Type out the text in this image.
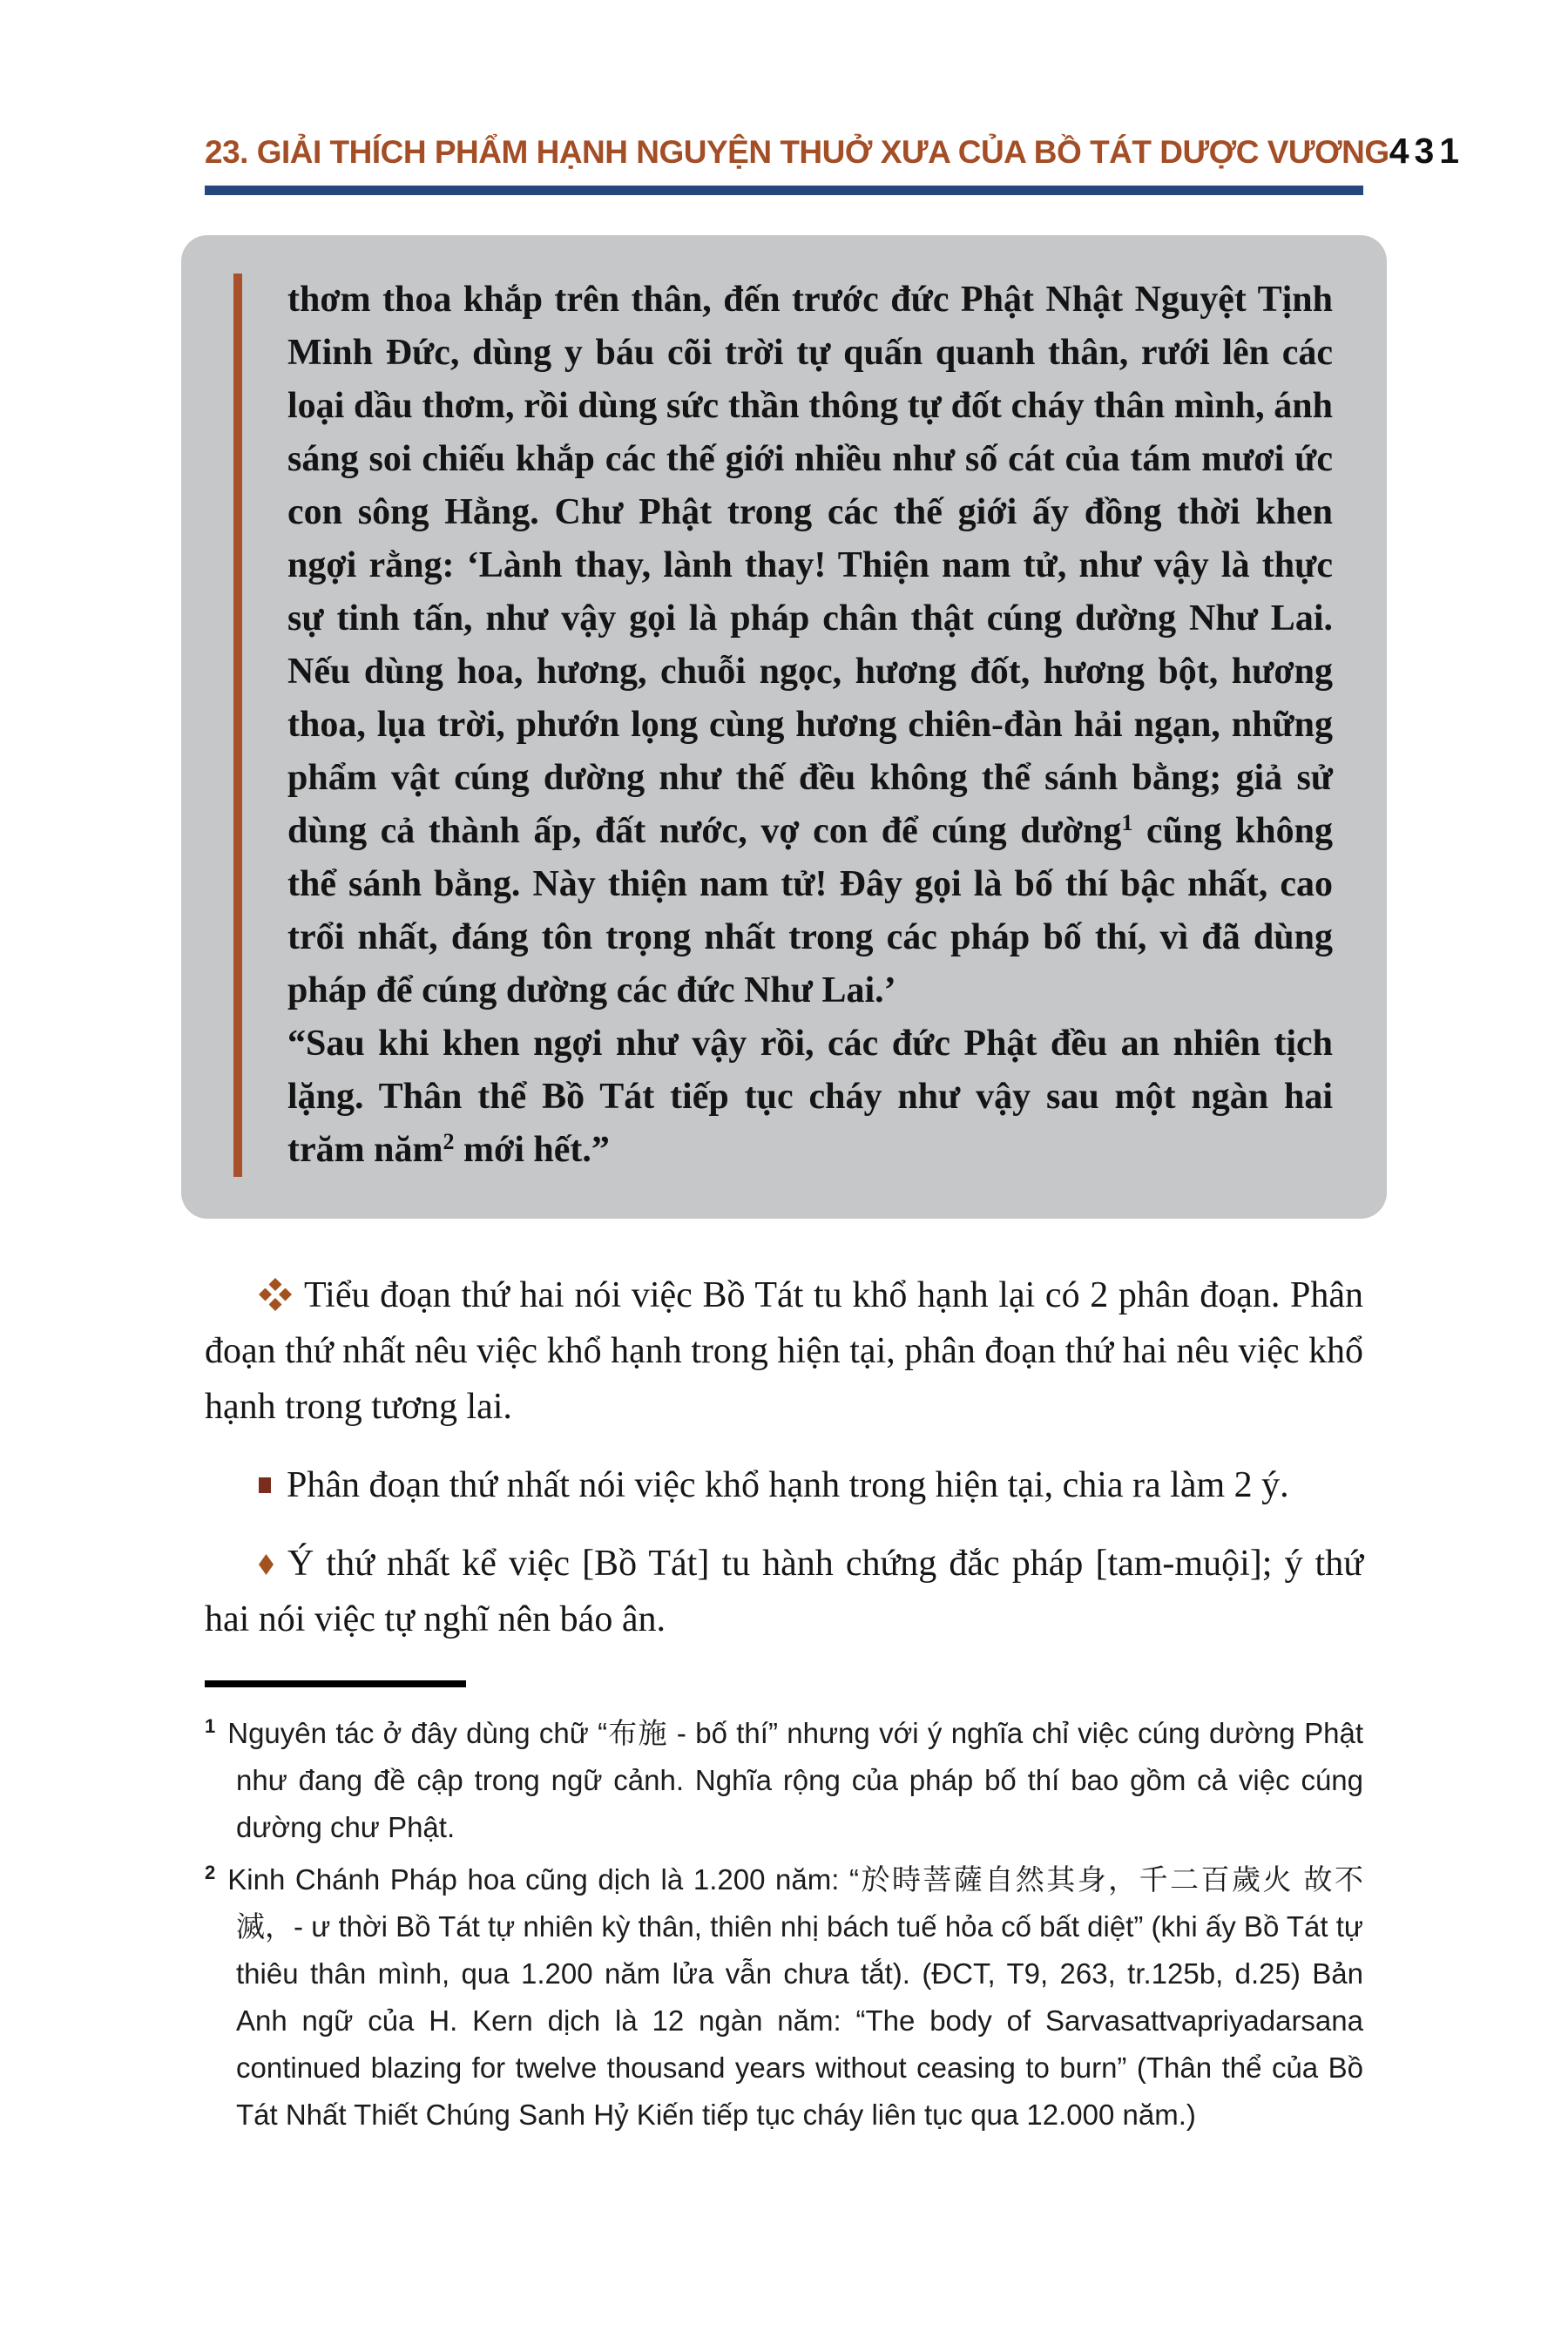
23. GIẢI THÍCH PHẨM HẠNH NGUYỆN THUỞ XƯA CỦA BỒ TÁT DƯỢC VƯƠNG 431

thơm thoa khắp trên thân, đến trước đức Phật Nhật Nguyệt Tịnh Minh Đức, dùng y báu cõi trời tự quấn quanh thân, rưới lên các loại dầu thơm, rồi dùng sức thần thông tự đốt cháy thân mình, ánh sáng soi chiếu khắp các thế giới nhiều như số cát của tám mươi ức con sông Hằng. Chư Phật trong các thế giới ấy đồng thời khen ngợi rằng: ‘Lành thay, lành thay! Thiện nam tử, như vậy là thực sự tinh tấn, như vậy gọi là pháp chân thật cúng dường Như Lai. Nếu dùng hoa, hương, chuỗi ngọc, hương đốt, hương bột, hương thoa, lụa trời, phướn lọng cùng hương chiên-đàn hải ngạn, những phẩm vật cúng dường như thế đều không thể sánh bằng; giả sử dùng cả thành ấp, đất nước, vợ con để cúng dường$^1$ cũng không thể sánh bằng. Này thiện nam tử! Đây gọi là bố thí bậc nhất, cao trổi nhất, đáng tôn trọng nhất trong các pháp bố thí, vì đã dùng pháp để cúng dường các đức Như Lai.’

“Sau khi khen ngợi như vậy rồi, các đức Phật đều an nhiên tịch lặng. Thân thể Bồ Tát tiếp tục cháy như vậy sau một ngàn hai trăm năm$^2$ mới hết.”

Tiểu đoạn thứ hai nói việc Bồ Tát tu khổ hạnh lại có 2 phân đoạn. Phân đoạn thứ nhất nêu việc khổ hạnh trong hiện tại, phân đoạn thứ hai nêu việc khổ hạnh trong tương lai.

Phân đoạn thứ nhất nói việc khổ hạnh trong hiện tại, chia ra làm 2 ý.

Ý thứ nhất kể việc [Bồ Tát] tu hành chứng đắc pháp [tam-muội]; ý thứ hai nói việc tự nghĩ nên báo ân.

$^1$ Nguyên tác ở đây dùng chữ “布施 - bố thí” nhưng với ý nghĩa chỉ việc cúng dường Phật như đang đề cập trong ngữ cảnh. Nghĩa rộng của pháp bố thí bao gồm cả việc cúng dường chư Phật.
$^2$ Kinh Chánh Pháp hoa cũng dịch là 1.200 năm: “於時菩薩自然其身，千二百歲火 故不滅，- ư thời Bồ Tát tự nhiên kỳ thân, thiên nhị bách tuế hỏa cố bất diệt” (khi ấy Bồ Tát tự thiêu thân mình, qua 1.200 năm lửa vẫn chưa tắt). (ĐCT, T9, 263, tr.125b, d.25) Bản Anh ngữ của H. Kern dịch là 12 ngàn năm: “The body of Sarvasattvapriyadarsana continued blazing for twelve thousand years without ceasing to burn” (Thân thể của Bồ Tát Nhất Thiết Chúng Sanh Hỷ Kiến tiếp tục cháy liên tục qua 12.000 năm.)
